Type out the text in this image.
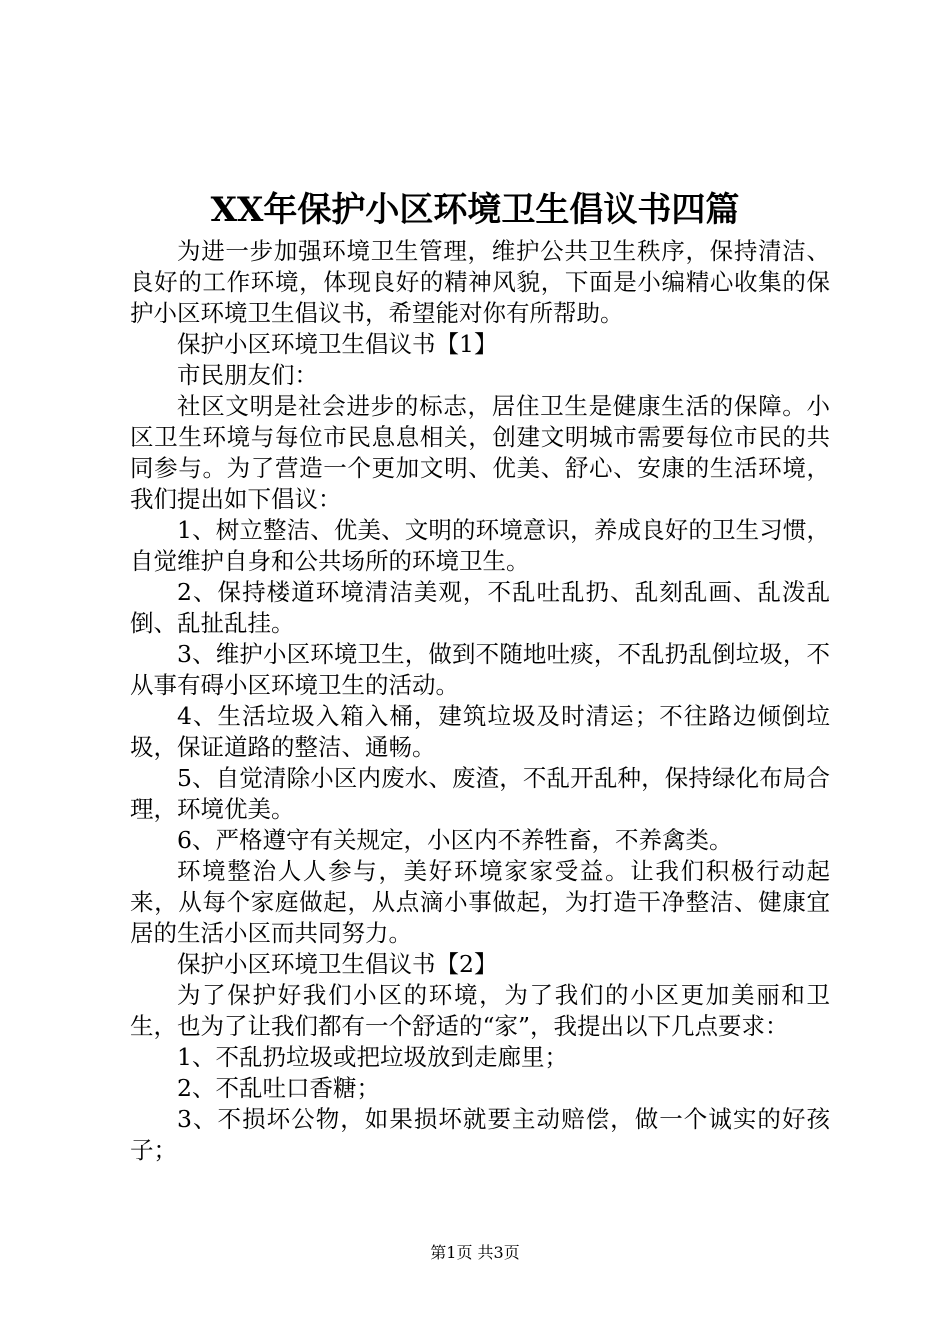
XX年保护小区环境卫生倡议书四篇

为进一步加强环境卫生管理，维护公共卫生秩序，保持清洁、良好的工作环境，体现良好的精神风貌，下面是小编精心收集的保护小区环境卫生倡议书，希望能对你有所帮助。

保护小区环境卫生倡议书【1】

市民朋友们：

社区文明是社会进步的标志，居住卫生是健康生活的保障。小区卫生环境与每位市民息息相关，创建文明城市需要每位市民的共同参与。为了营造一个更加文明、优美、舒心、安康的生活环境，我们提出如下倡议：

1、树立整洁、优美、文明的环境意识，养成良好的卫生习惯，自觉维护自身和公共场所的环境卫生。

2、保持楼道环境清洁美观，不乱吐乱扔、乱刻乱画、乱泼乱倒、乱扯乱挂。

3、维护小区环境卫生，做到不随地吐痰，不乱扔乱倒垃圾，不从事有碍小区环境卫生的活动。

4、生活垃圾入箱入桶，建筑垃圾及时清运；不往路边倾倒垃圾，保证道路的整洁、通畅。

5、自觉清除小区内废水、废渣，不乱开乱种，保持绿化布局合理，环境优美。

6、严格遵守有关规定，小区内不养牲畜，不养禽类。

环境整治人人参与，美好环境家家受益。让我们积极行动起来，从每个家庭做起，从点滴小事做起，为打造干净整洁、健康宜居的生活小区而共同努力。

保护小区环境卫生倡议书【2】

为了保护好我们小区的环境，为了我们的小区更加美丽和卫生，也为了让我们都有一个舒适的“家”，我提出以下几点要求：

1、不乱扔垃圾或把垃圾放到走廊里；

2、不乱吐口香糖；

3、不损坏公物，如果损坏就要主动赔偿，做一个诚实的好孩子；

第1页 共3页
